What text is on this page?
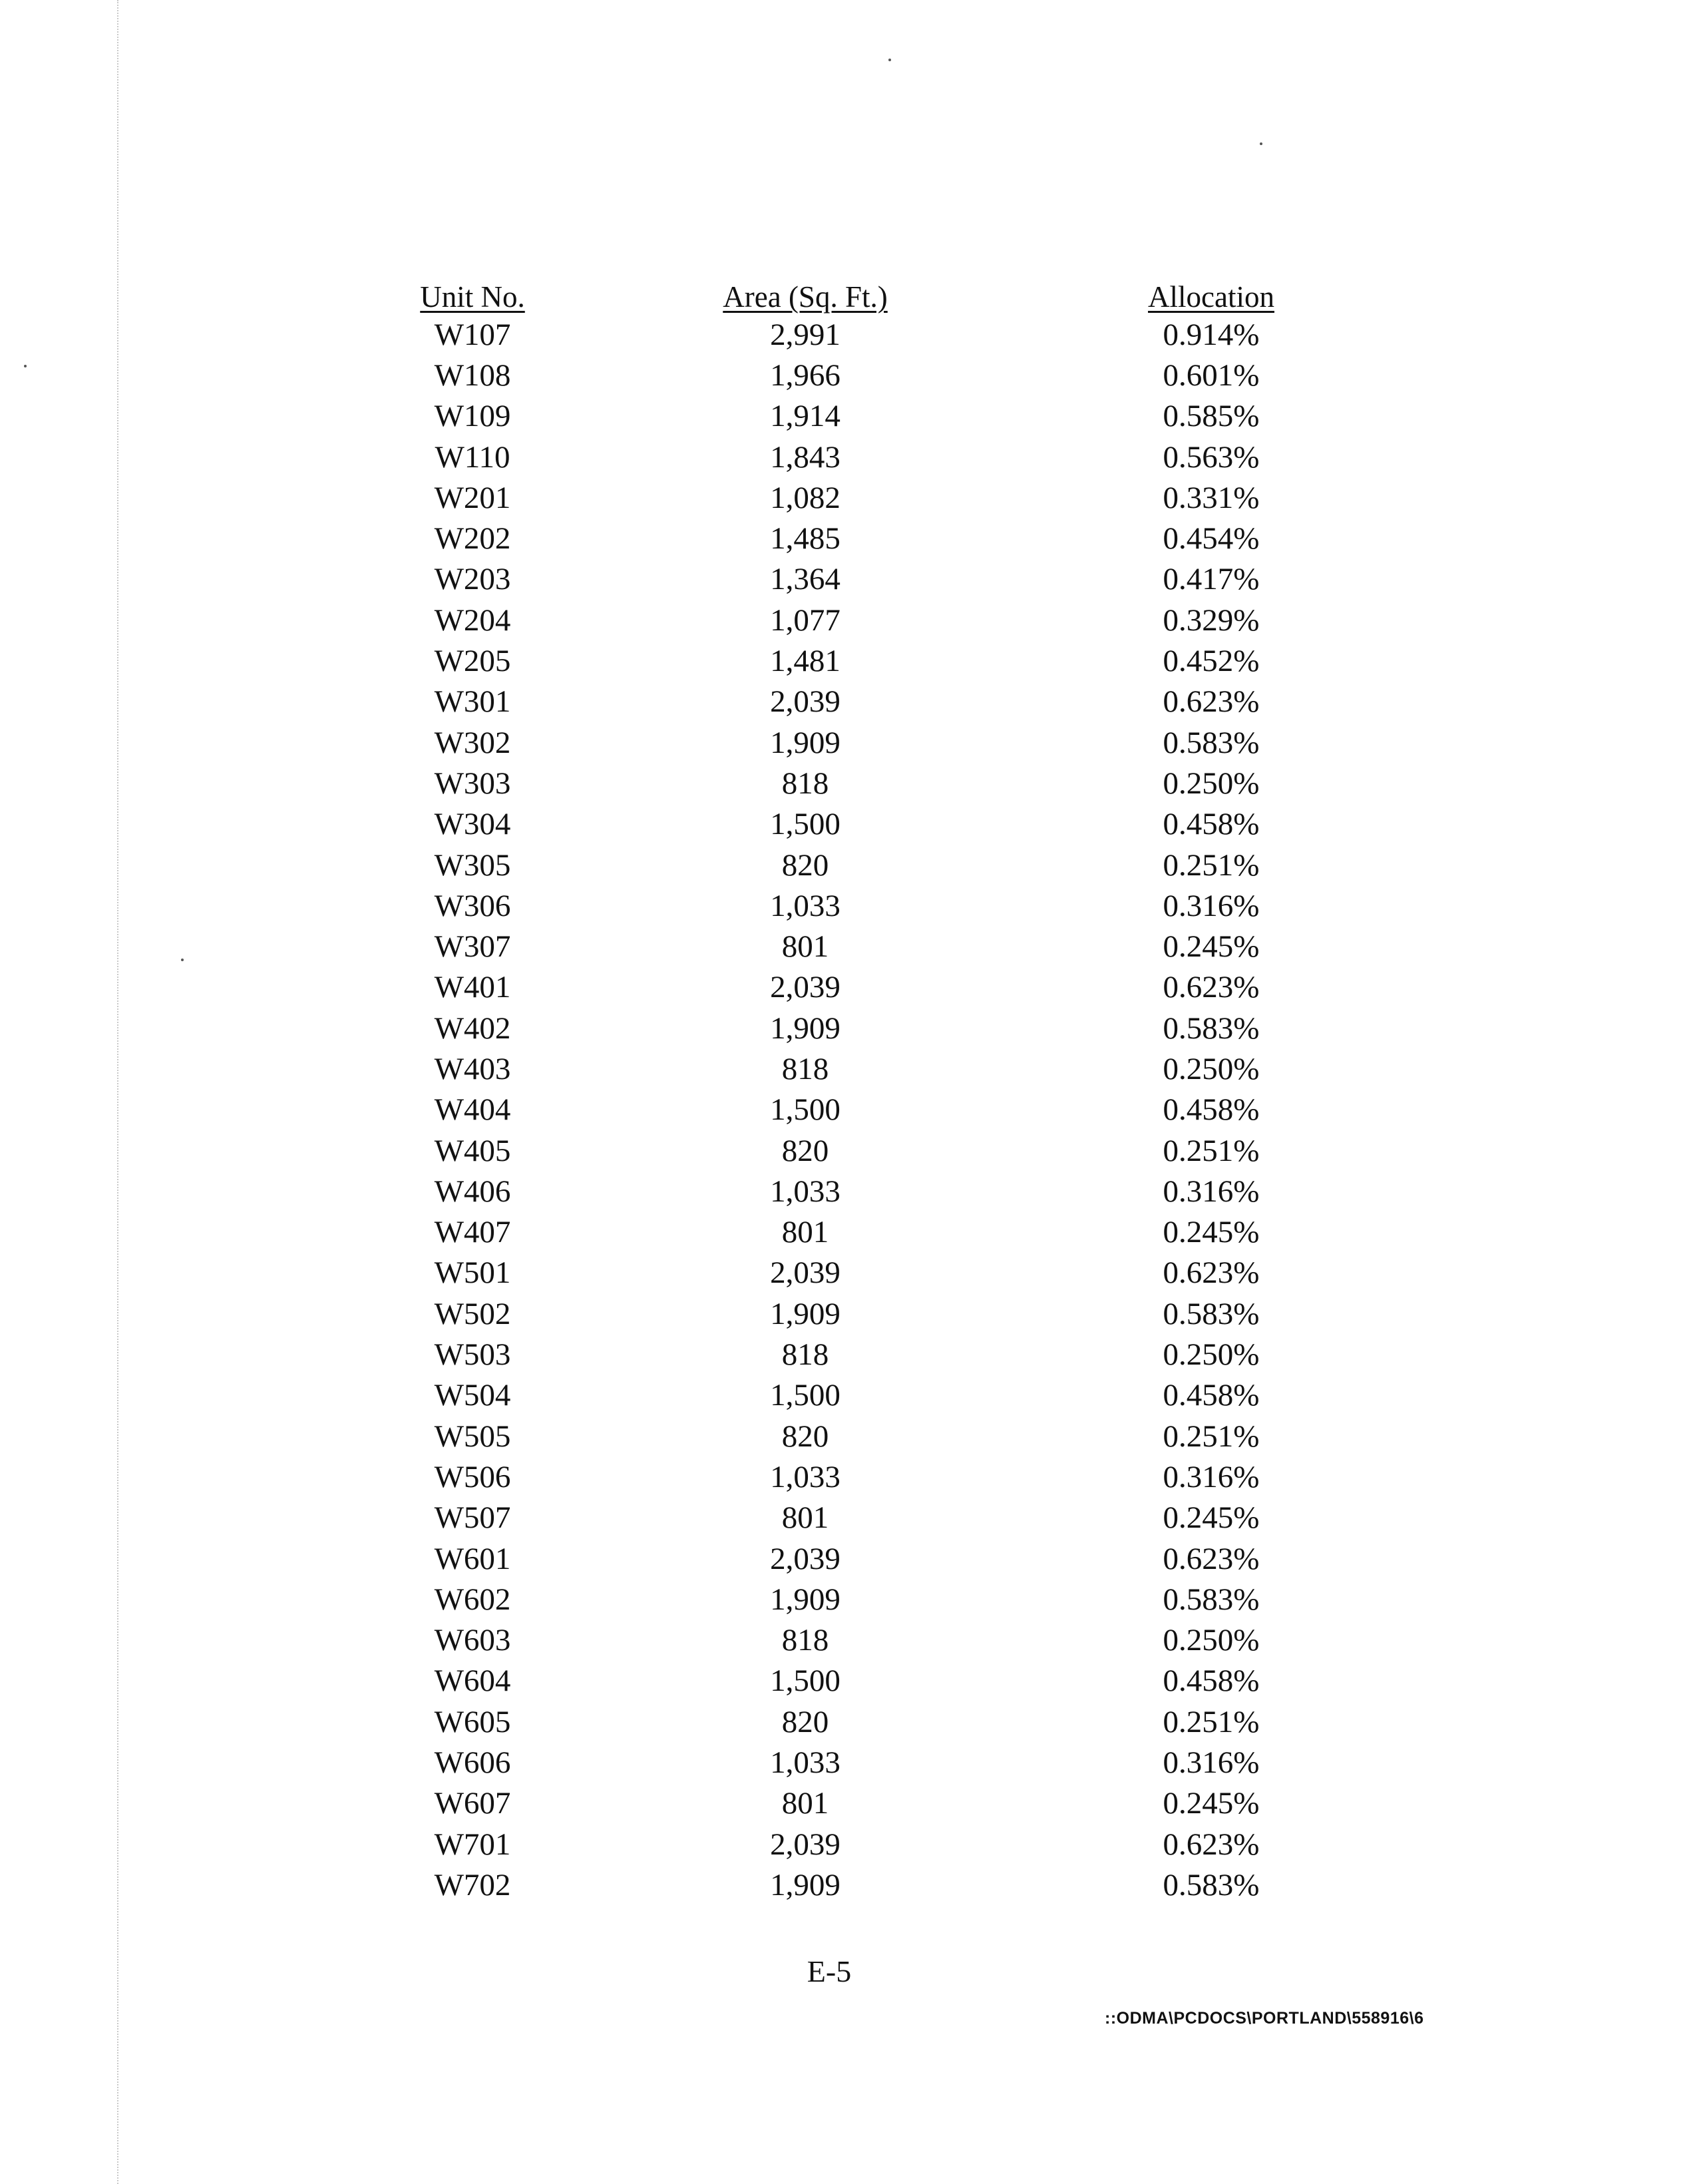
Unit No.	Area (Sq. Ft.)	Allocation
W107	2,991	0.914%
W108	1,966	0.601%
W109	1,914	0.585%
W110	1,843	0.563%
W201	1,082	0.331%
W202	1,485	0.454%
W203	1,364	0.417%
W204	1,077	0.329%
W205	1,481	0.452%
W301	2,039	0.623%
W302	1,909	0.583%
W303	818	0.250%
W304	1,500	0.458%
W305	820	0.251%
W306	1,033	0.316%
W307	801	0.245%
W401	2,039	0.623%
W402	1,909	0.583%
W403	818	0.250%
W404	1,500	0.458%
W405	820	0.251%
W406	1,033	0.316%
W407	801	0.245%
W501	2,039	0.623%
W502	1,909	0.583%
W503	818	0.250%
W504	1,500	0.458%
W505	820	0.251%
W506	1,033	0.316%
W507	801	0.245%
W601	2,039	0.623%
W602	1,909	0.583%
W603	818	0.250%
W604	1,500	0.458%
W605	820	0.251%
W606	1,033	0.316%
W607	801	0.245%
W701	2,039	0.623%
W702	1,909	0.583%
E-5
::ODMA\PCDOCS\PORTLAND\558916\6
